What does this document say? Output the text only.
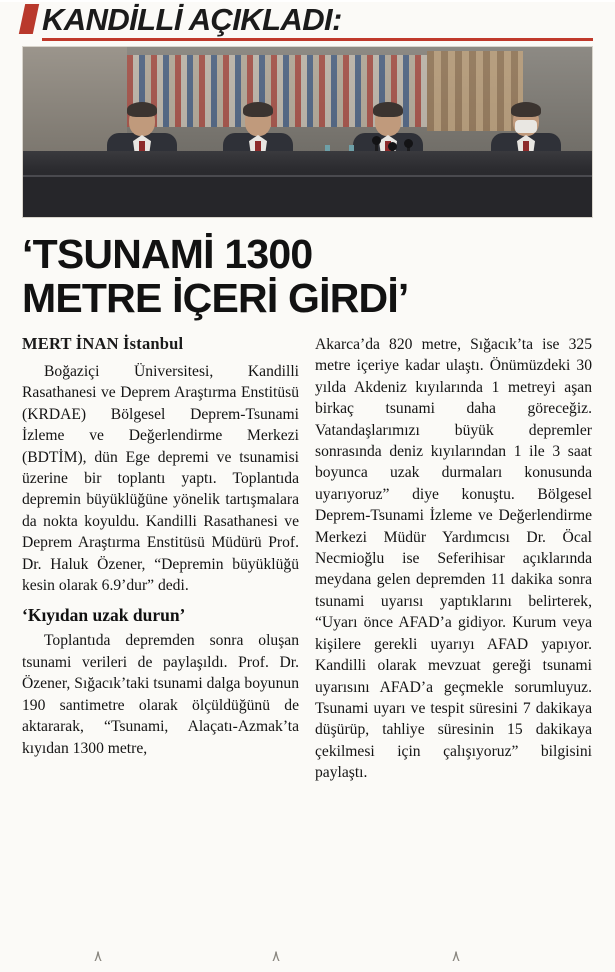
KANDİLLİ AÇIKLADI:
‘TSUNAMİ 1300
METRE İÇERİ GİRDİ’
MERT İNAN İstanbul

Boğaziçi Üniversitesi, Kandilli Rasathanesi ve Deprem Araştırma Enstitüsü (KRDAE) Bölgesel Deprem-Tsunami İzleme ve Değerlendirme Merkezi (BDTİM), dün Ege depremi ve tsunamisi üzerine bir toplantı yaptı. Toplantıda depremin büyüklüğüne yönelik tartışmalara da nokta koyuldu. Kandilli Rasathanesi ve Deprem Araştırma Enstitüsü Müdürü Prof. Dr. Haluk Özener, “Depremin büyüklüğü kesin olarak 6.9’dur” dedi.

‘Kıyıdan uzak durun’

Toplantıda depremden sonra oluşan tsunami verileri de paylaşıldı. Prof. Dr. Özener, Sığacık’taki tsunami dalga boyunun 190 santimetre olarak ölçüldüğünü de aktararak, “Tsunami, Alaçatı-Azmak’ta kıyıdan 1300 metre,

Akarca’da 820 metre, Sığacık’ta ise 325 metre içeriye kadar ulaştı. Önümüzdeki 30 yılda Akdeniz kıyılarında 1 metreyi aşan birkaç tsunami daha göreceğiz. Vatandaşlarımızı büyük depremler sonrasında deniz kıyılarından 1 ile 3 saat boyunca uzak durmaları konusunda uyarıyoruz” diye konuştu. Bölgesel Deprem-Tsunami İzleme ve Değerlendirme Merkezi Müdür Yardımcısı Dr. Öcal Necmioğlu ise Seferihisar açıklarında meydana gelen depremden 11 dakika sonra tsunami uyarısı yaptıklarını belirterek, “Uyarı önce AFAD’a gidiyor. Kurum veya kişilere gerekli uyarıyı AFAD yapıyor. Kandilli olarak mevzuat gereği tsunami uyarısını AFAD’a geçmekle sorumluyuz. Tsunami uyarı ve tespit süresini 7 dakikaya düşürüp, tahliye süresinin 15 dakikaya çekilmesi için çalışıyoruz” bilgisini paylaştı.

٨	٨	٨
